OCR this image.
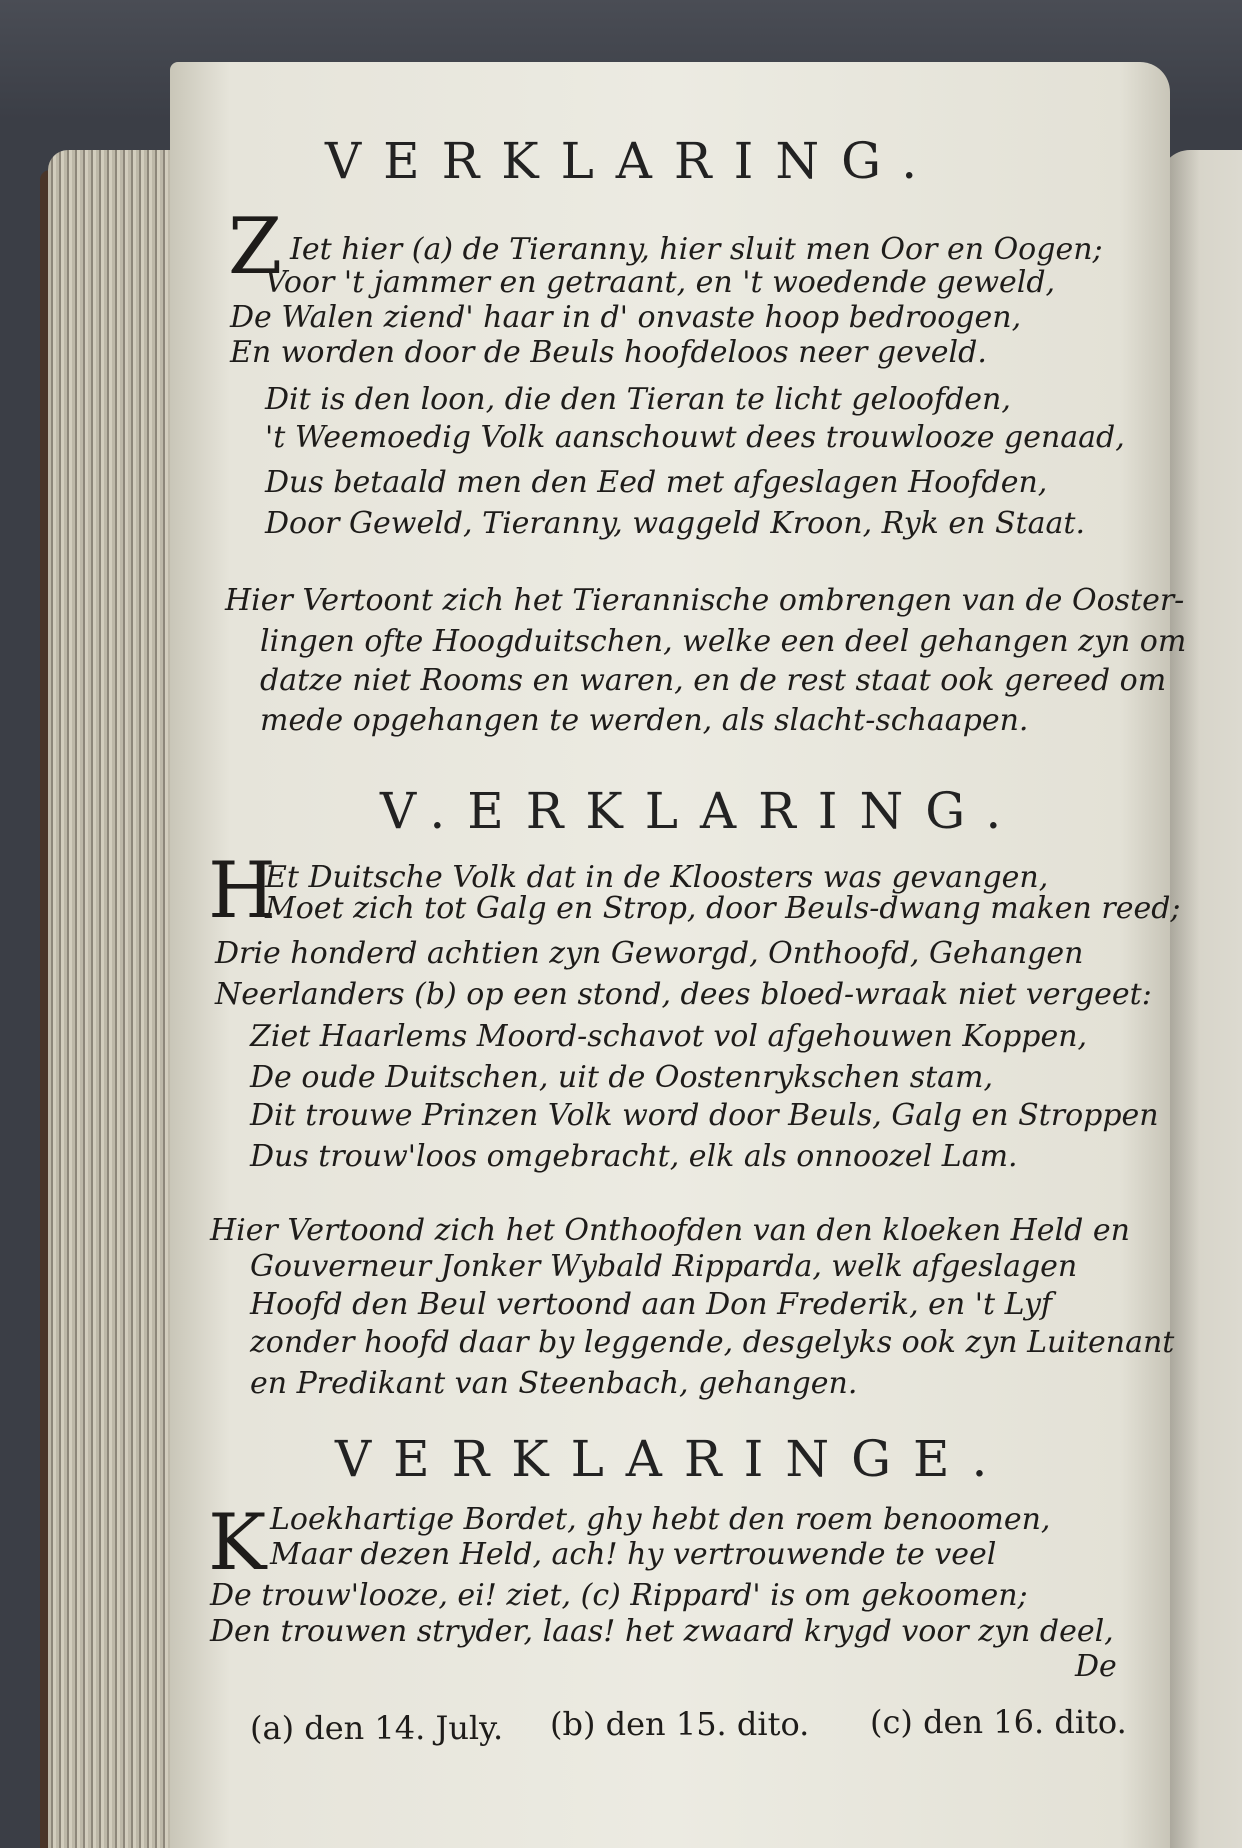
VERKLARING.
Z Iet hier (a) de Tieranny, hier sluit men Oor en Oogen;
Voor 't jammer en getraant, en 't woedende geweld,
De Walen ziend' haar in d' onvaste hoop bedroogen,
En worden door de Beuls hoofdeloos neer geveld.
Dit is den loon, die den Tieran te licht geloofden,
't Weemoedig Volk aanschouwt dees trouwlooze genaad,
Dus betaald men den Eed met afgeslagen Hoofden,
Door Geweld, Tieranny, waggeld Kroon, Ryk en Staat.
Hier Vertoont zich het Tierannische ombrengen van de Ooster-
lingen ofte Hoogduitschen, welke een deel gehangen zyn om
datze niet Rooms en waren, en de rest staat ook gereed om
mede opgehangen te werden, als slacht-schaapen.
V.ERKLARING.
H
Et Duitsche Volk dat in de Kloosters was gevangen,
Moet zich tot Galg en Strop, door Beuls-dwang maken reed;
Drie honderd achtien zyn Geworgd, Onthoofd, Gehangen
Neerlanders (b) op een stond, dees bloed-wraak niet vergeet:
Ziet Haarlems Moord-schavot vol afgehouwen Koppen,
De oude Duitschen, uit de Oostenrykschen stam,
Dit trouwe Prinzen Volk word door Beuls, Galg en Stroppen
Dus trouw'loos omgebracht, elk als onnoozel Lam.
Hier Vertoond zich het Onthoofden van den kloeken Held en
Gouverneur Jonker Wybald Ripparda, welk afgeslagen
Hoofd den Beul vertoond aan Don Frederik, en 't Lyf
zonder hoofd daar by leggende, desgelyks ook zyn Luitenant
en Predikant van Steenbach, gehangen.
VERKLARINGE.
K Loekhartige Bordet, ghy hebt den roem benoomen,
Maar dezen Held, ach! hy vertrouwende te veel
De trouw'looze, ei! ziet, (c) Rippard' is om gekoomen;
Den trouwen stryder, laas! het zwaard krygd voor zyn deel,
De
(a) den 14. July. (b) den 15. dito. (c) den 16. dito.
